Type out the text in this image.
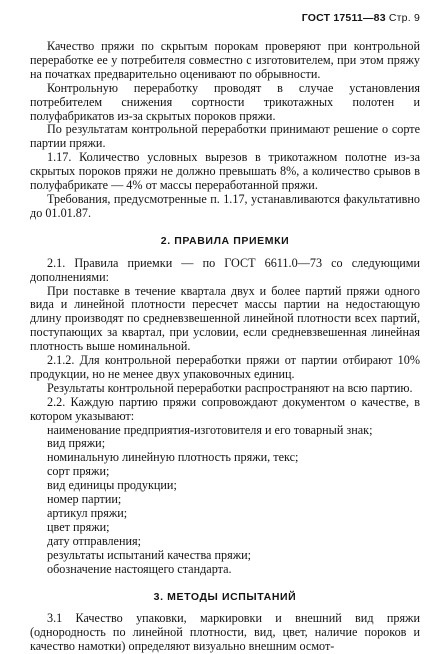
ГОСТ 17511—83 Стр. 9

Качество пряжи по скрытым порокам проверяют при контрольной переработке ее у потребителя совместно с изготовителем, при этом пряжу на початках предварительно оценивают по обрывности.

Контрольную переработку проводят в случае установления потребителем снижения сортности трикотажных полотен и полуфабрикатов из-за скрытых пороков пряжи.

По результатам контрольной переработки принимают решение о сорте партии пряжи.

1.17. Количество условных вырезов в трикотажном полотне из-за скрытых пороков пряжи не должно превышать 8%, а количество срывов в полуфабрикате — 4% от массы переработанной пряжи.

Требования, предусмотренные п. 1.17, устанавливаются факультативно до 01.01.87.

2. ПРАВИЛА ПРИЕМКИ

2.1. Правила приемки — по ГОСТ 6611.0—73 со следующими дополнениями:

При поставке в течение квартала двух и более партий пряжи одного вида и линейной плотности пересчет массы партии на недостающую длину производят по средневзвешенной линейной плотности всех партий, поступающих за квартал, при условии, если средневзвешенная линейная плотность выше номинальной.

2.1.2. Для контрольной переработки пряжи от партии отбирают 10% продукции, но не менее двух упаковочных единиц.

Результаты контрольной переработки распространяют на всю партию.

2.2. Каждую партию пряжи сопровождают документом о качестве, в котором указывают:

наименование предприятия-изготовителя и его товарный знак;

вид пряжи;

номинальную линейную плотность пряжи, текс;

сорт пряжи;

вид единицы продукции;

номер партии;

артикул пряжи;

цвет пряжи;

дату отправления;

результаты испытаний качества пряжи;

обозначение настоящего стандарта.

3. МЕТОДЫ ИСПЫТАНИЙ

3.1 Качество упаковки, маркировки и внешний вид пряжи (однородность по линейной плотности, вид, цвет, наличие пороков и качество намотки) определяют визуально внешним осмот-
